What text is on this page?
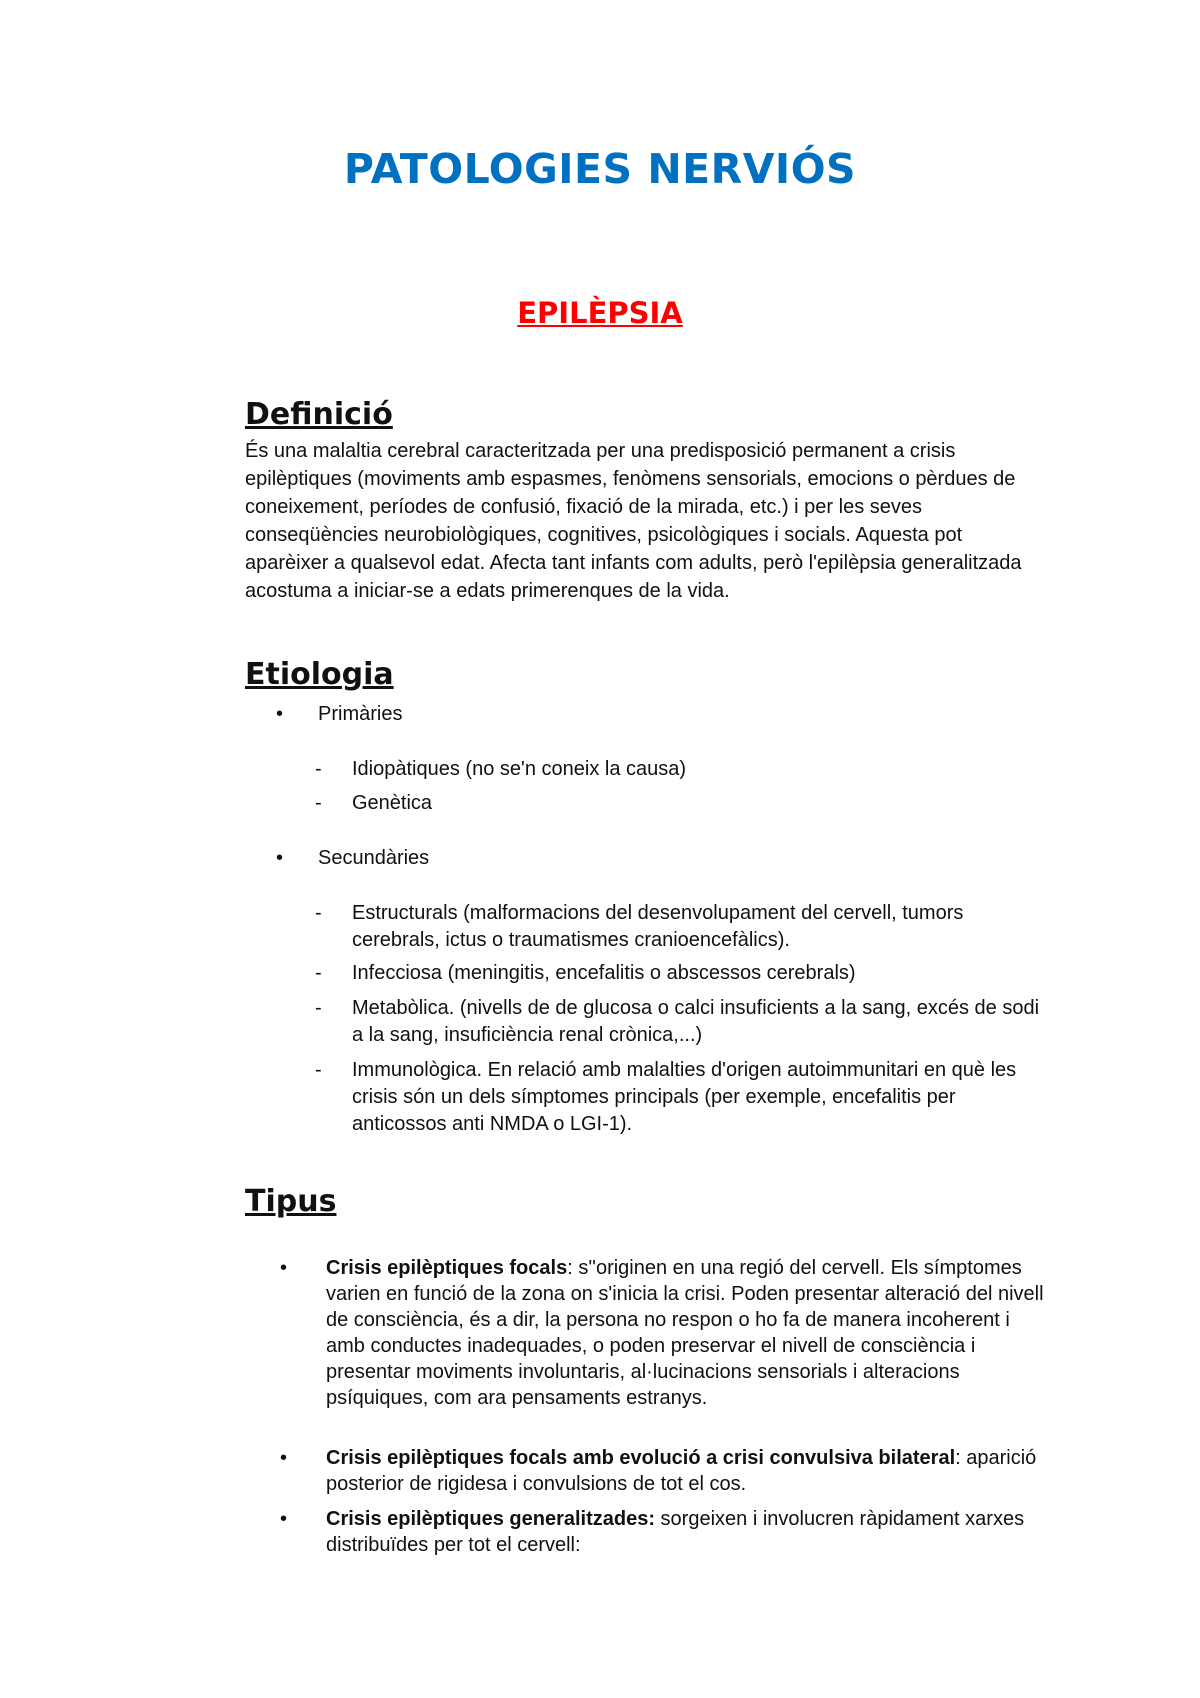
PATOLOGIES NERVIÓS
EPILÈPSIA
Definició

És una malaltia cerebral caracteritzada per una predisposició permanent a crisis epilèptiques (moviments amb espasmes, fenòmens sensorials, emocions o pèrdues de coneixement, períodes de confusió, fixació de la mirada, etc.) i per les seves conseqüències neurobiològiques, cognitives, psicològiques i socials. Aquesta pot aparèixer a qualsevol edat. Afecta tant infants com adults, però l'epilèpsia generalitzada acostuma a iniciar-se a edats primerenques de la vida.

Etiologia
• Primàries
- Idiopàtiques (no se'n coneix la causa)
- Genètica
• Secundàries
- Estructurals (malformacions del desenvolupament del cervell, tumors cerebrals, ictus o traumatismes cranioencefàlics).
- Infecciosa (meningitis, encefalitis o abscessos cerebrals)
- Metabòlica. (nivells de de glucosa o calci insuficients a la sang, excés de sodi a la sang, insuficiència renal crònica,...)
- Immunològica. En relació amb malalties d'origen autoimmunitari en què les crisis són un dels símptomes principals (per exemple, encefalitis per anticossos anti NMDA o LGI-1).
Tipus
• Crisis epilèptiques focals: s''originen en una regió del cervell. Els símptomes varien en funció de la zona on s'inicia la crisi. Poden presentar alteració del nivell de consciència, és a dir, la persona no respon o ho fa de manera incoherent i amb conductes inadequades, o poden preservar el nivell de consciència i presentar moviments involuntaris, al·lucinacions sensorials i alteracions psíquiques, com ara pensaments estranys.
• Crisis epilèptiques focals amb evolució a crisi convulsiva bilateral: aparició posterior de rigidesa i convulsions de tot el cos.
• Crisis epilèptiques generalitzades: sorgeixen i involucren ràpidament xarxes distribuïdes per tot el cervell:
